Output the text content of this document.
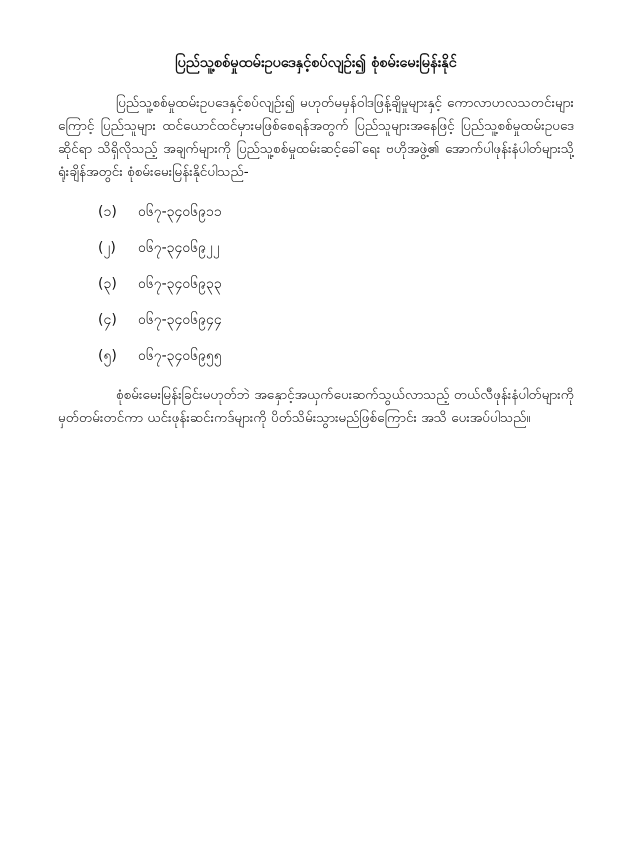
ပြည်သူ့စစ်မှုထမ်းဥပဒေနှင့်စပ်လျဉ်း၍ စုံစမ်းမေးမြန်းနိုင်

ပြည်သူ့စစ်မှုထမ်းဥပဒေနှင့်စပ်လျဉ်း၍ မဟုတ်မမှန်ဝါဒဖြန့်ချိမှုများနှင့် ကောလာဟလသတင်းများကြောင့် ပြည်သူများ ထင်ယောင်ထင်မှားမဖြစ်စေရန်အတွက် ပြည်သူများအနေဖြင့် ပြည်သူ့စစ်မှုထမ်းဥပဒေဆိုင်ရာ သိရှိလိုသည့် အချက်များကို ပြည်သူ့စစ်မှုထမ်းဆင့်ခေါ်ရေး ဗဟိုအဖွဲ့၏ အောက်ပါဖုန်းနံပါတ်များသို့ ရုံးချိန်အတွင်း စုံစမ်းမေးမြန်းနိုင်ပါသည်-

(၁)	၀၆၇-၃၄၀၆၉၁၁
(၂)	၀၆၇-၃၄၀၆၉၂၂
(၃)	၀၆၇-၃၄၀၆၉၃၃
(၄)	၀၆၇-၃၄၀၆၉၄၄
(၅)	၀၆၇-၃၄၀၆၉၅၅

စုံစမ်းမေးမြန်းခြင်းမဟုတ်ဘဲ အနှောင့်အယှက်ပေးဆက်သွယ်လာသည့် တယ်လီဖုန်းနံပါတ်များကို မှတ်တမ်းတင်ကာ ယင်းဖုန်းဆင်းကဒ်များကို ပိတ်သိမ်းသွားမည်ဖြစ်ကြောင်း အသိ ပေးအပ်ပါသည်။
